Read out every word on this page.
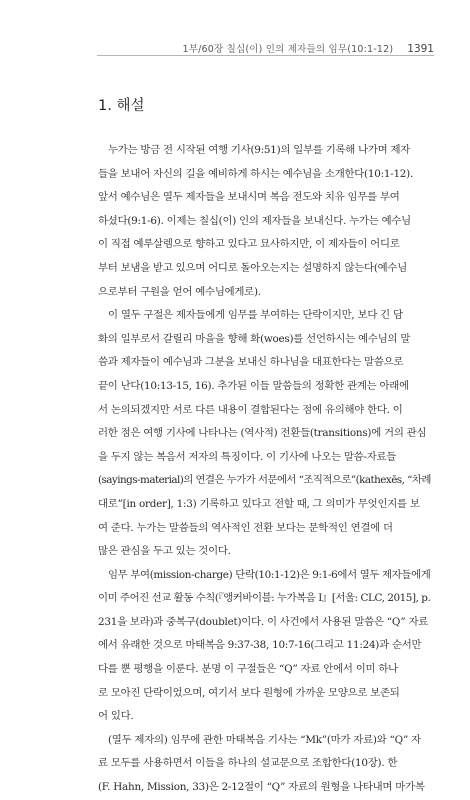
1부/60장 칠십(이) 인의 제자들의 임무(10:1-12) 1391
1. 해설
누가는 방금 전 시작된 여행 기사(9:51)의 일부를 기록해 나가며 제자
들을 보내어 자신의 길을 예비하게 하시는 예수님을 소개한다(10:1-12).
앞서 예수님은 열두 제자들을 보내시며 복음 전도와 치유 임무를 부여
하셨다(9:1-6). 이제는 칠십(이) 인의 제자들을 보내신다. 누가는 예수님
이 직접 예루살렘으로 향하고 있다고 묘사하지만, 이 제자들이 어디로
부터 보냄을 받고 있으며 어디로 돌아오는지는 설명하지 않는다(예수님
으로부터 구원을 얻어 예수님에게로).
이 열두 구절은 제자들에게 임무를 부여하는 단락이지만, 보다 긴 담
화의 일부로서 갈릴리 마을을 향해 화(woes)를 선언하시는 예수님의 말
씀과 제자들이 예수님과 그분을 보내신 하나님을 대표한다는 말씀으로
끝이 난다(10:13-15, 16). 추가된 이들 말씀들의 정확한 관계는 아래에
서 논의되겠지만 서로 다른 내용이 결합된다는 점에 유의해야 한다. 이
러한 점은 여행 기사에 나타나는 (역사적) 전환들(transitions)에 거의 관심
을 두지 않는 복음서 저자의 특징이다. 이 기사에 나오는 말씀-자료들
(sayings-material)의 연결은 누가가 서문에서 “조직적으로”(kathexēs, “차례
대로”[in order], 1:3) 기록하고 있다고 전할 때, 그 의미가 무엇인지를 보
여 준다. 누가는 말씀들의 역사적인 전환 보다는 문학적인 연결에 더
많은 관심을 두고 있는 것이다.
임무 부여(mission-charge) 단락(10:1-12)은 9:1-6에서 열두 제자들에게
이미 주어진 선교 활동 수칙(『앵커바이블: 누가복음 I』[서울: CLC, 2015], p.
231을 보라)과 중복구(doublet)이다. 이 사건에서 사용된 말씀은 “Q” 자료
에서 유래한 것으로 마태복음 9:37-38, 10:7-16(그리고 11:24)과 순서만
다를 뿐 평행을 이룬다. 분명 이 구절들은 “Q” 자료 안에서 이미 하나
로 모아진 단락이었으며, 여기서 보다 원형에 가까운 모양으로 보존되
어 있다.
(열두 제자의) 임무에 관한 마태복음 기사는 “Mk”(마가 자료)와 “Q” 자
료 모두를 사용하면서 이들을 하나의 설교문으로 조합한다(10장). 한
(F. Hahn, Mission, 33)은 2-12절이 “Q” 자료의 원형을 나타내며 마가복
